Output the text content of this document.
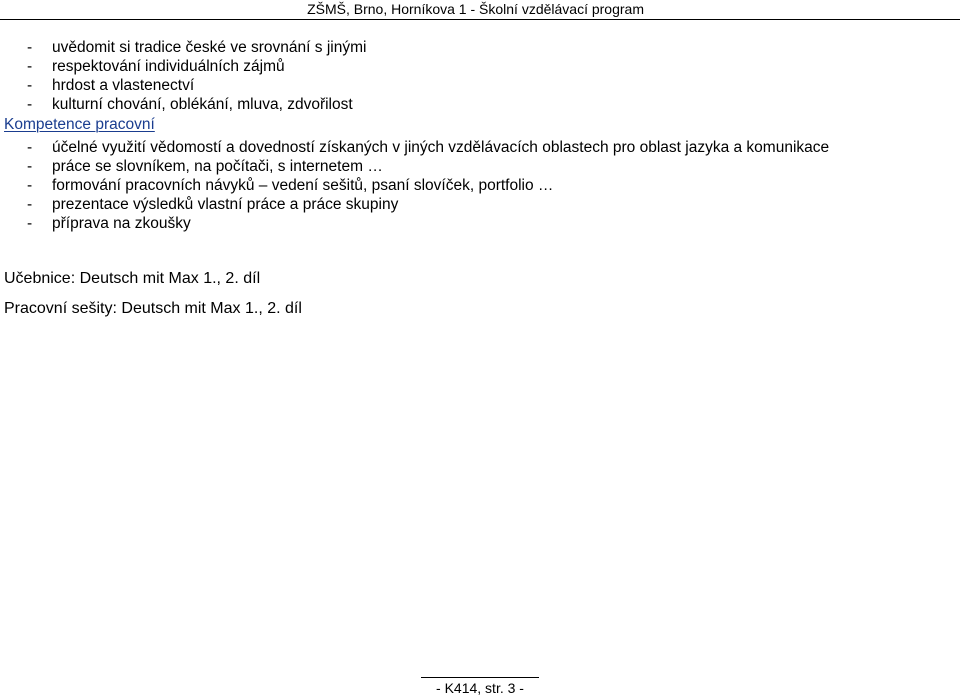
ZŠMŠ, Brno, Horníkova 1 - Školní vzdělávací program
- uvědomit si tradice české ve srovnání s jinými
- respektování individuálních zájmů
- hrdost a vlastenectví
- kulturní chování, oblékání, mluva, zdvořilost
Kompetence pracovní
- účelné využití vědomostí a dovedností získaných v jiných vzdělávacích oblastech pro oblast jazyka a komunikace
- práce se slovníkem, na počítači, s internetem …
- formování pracovních návyků – vedení sešitů, psaní slovíček, portfolio …
- prezentace výsledků vlastní práce a práce skupiny
- příprava na zkoušky
Učebnice: Deutsch mit Max 1., 2. díl
Pracovní sešity: Deutsch mit Max 1., 2. díl
- K414, str. 3 -
